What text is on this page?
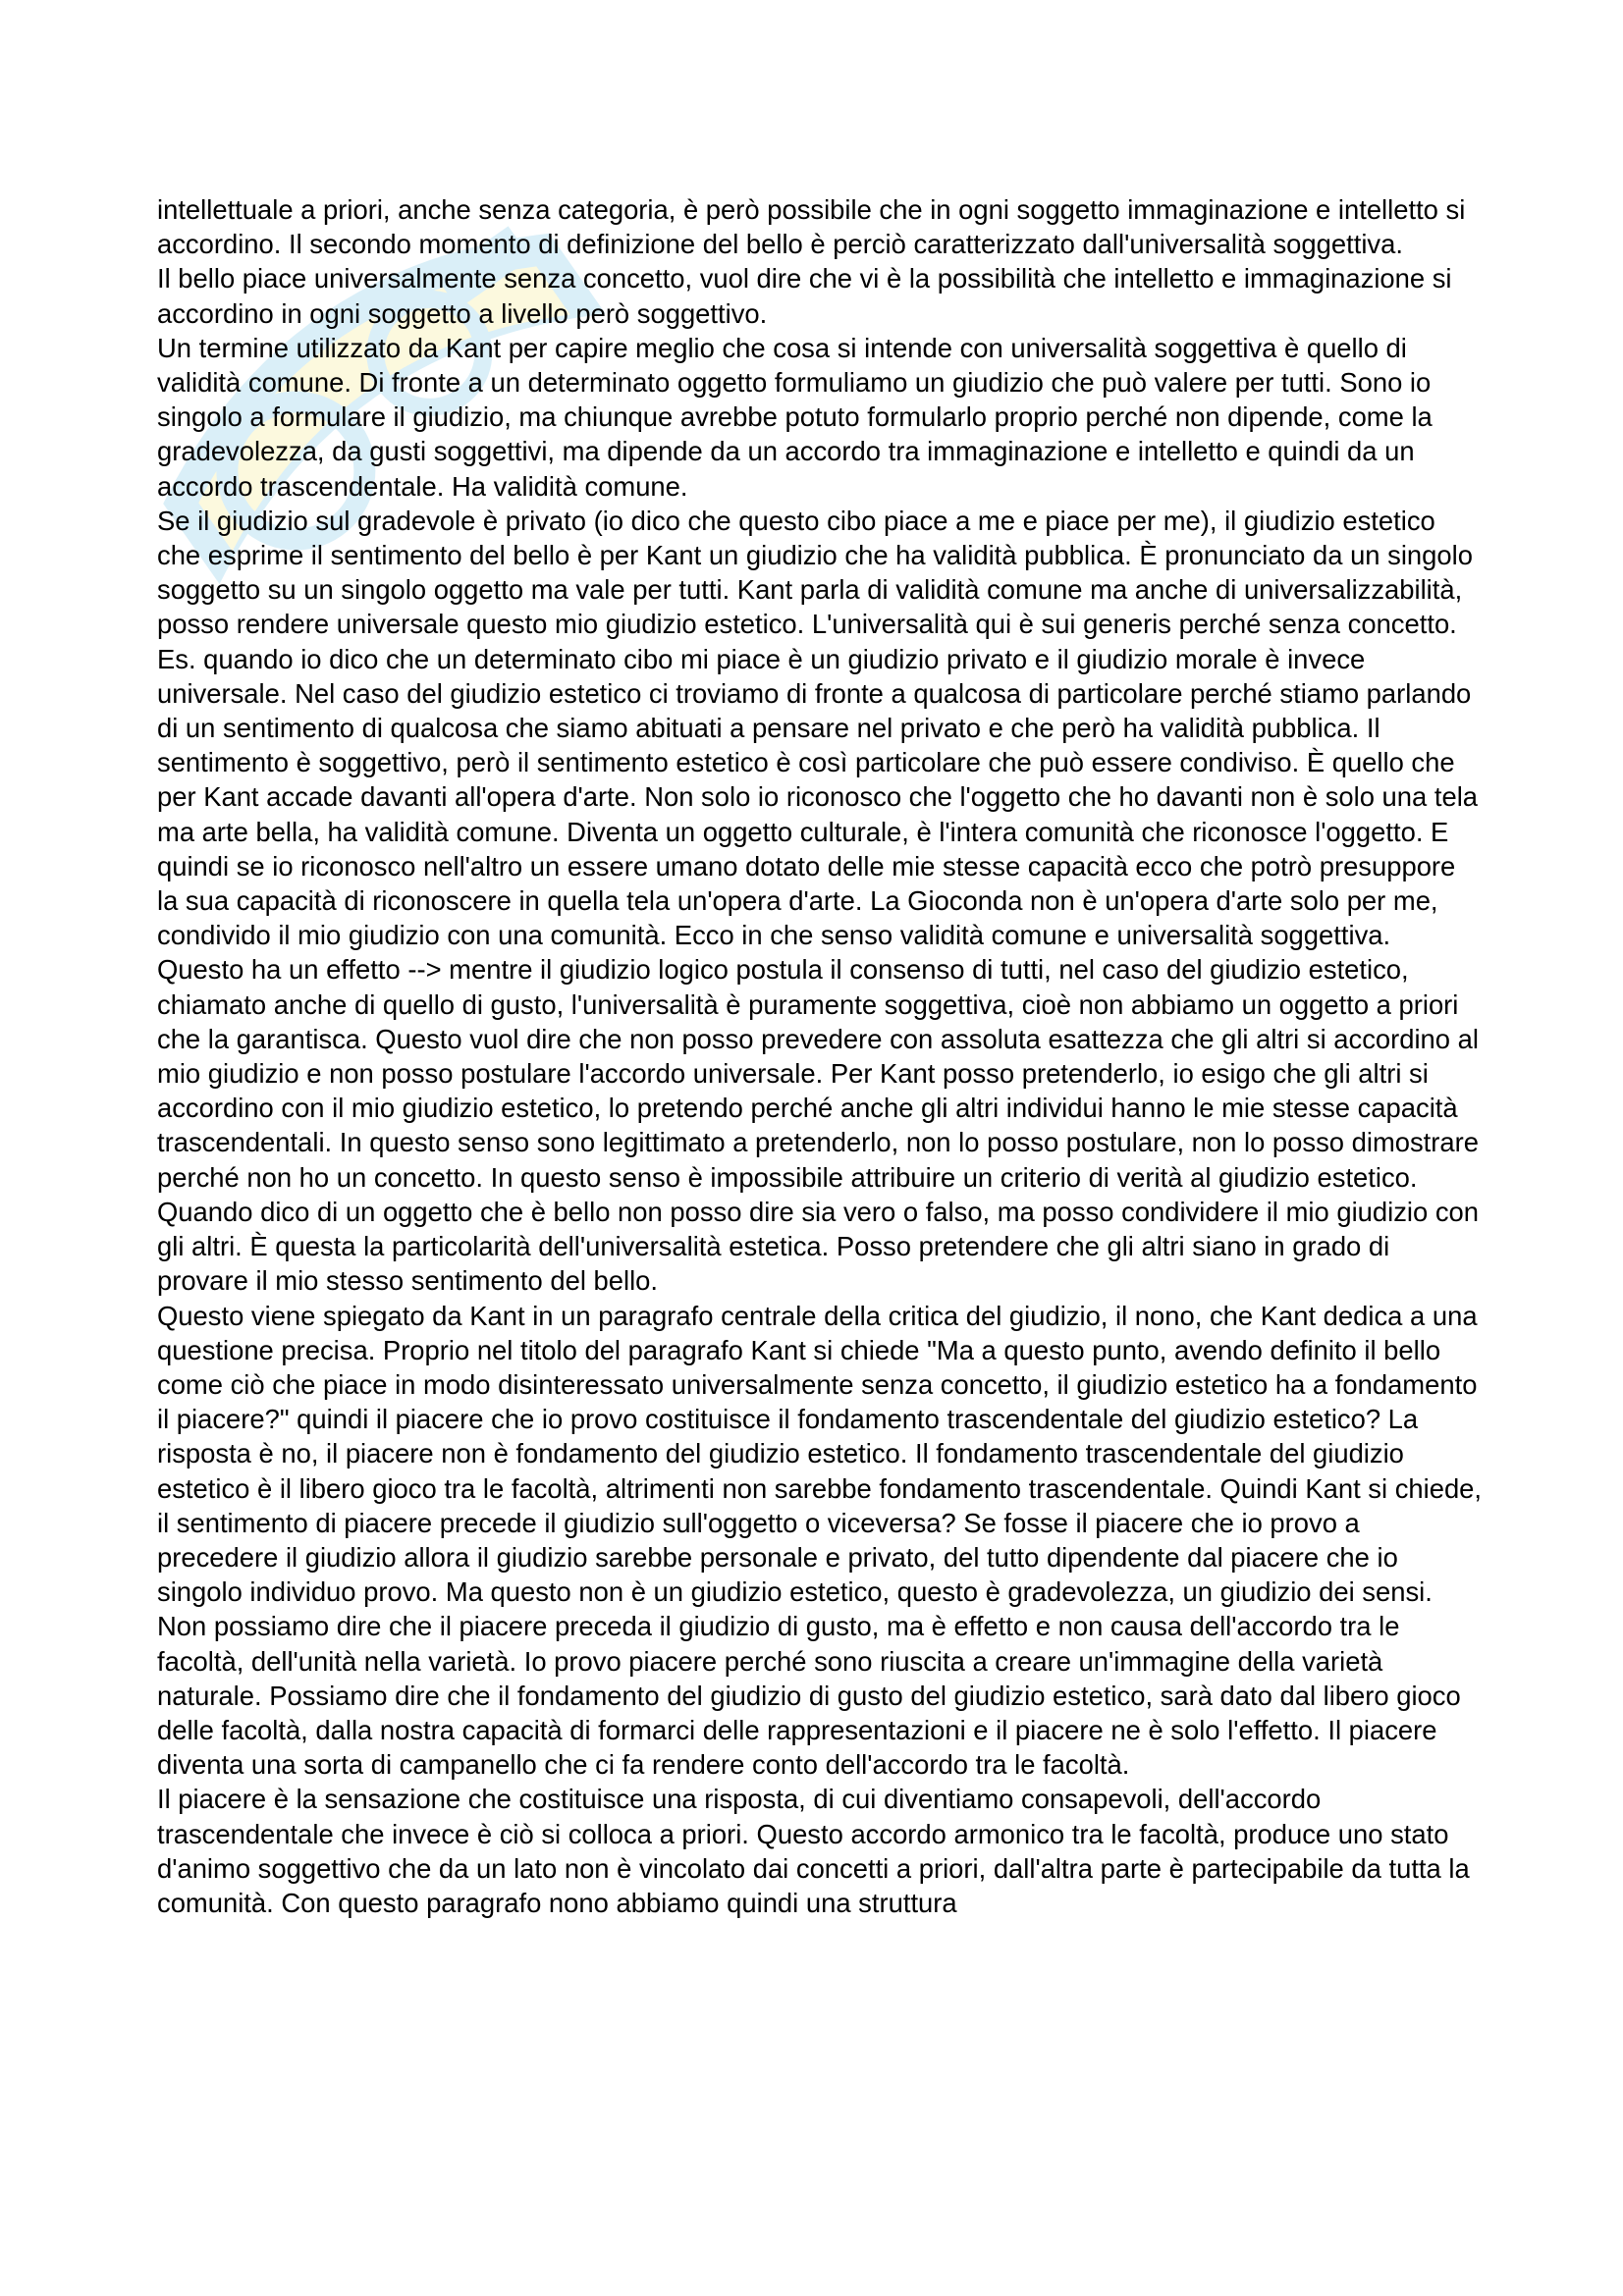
intellettuale a priori, anche senza categoria, è però possibile che in ogni soggetto immaginazione e intelletto si accordino. Il secondo momento di definizione del bello è perciò caratterizzato dall'universalità soggettiva.

Il bello piace universalmente senza concetto, vuol dire che vi è la possibilità che intelletto e immaginazione si accordino in ogni soggetto a livello però soggettivo.

Un termine utilizzato da Kant per capire meglio che cosa si intende con universalità soggettiva è quello di validità comune. Di fronte a un determinato oggetto formuliamo un giudizio che può valere per tutti. Sono io singolo a formulare il giudizio, ma chiunque avrebbe potuto formularlo proprio perché non dipende, come la gradevolezza, da gusti soggettivi, ma dipende da un accordo tra immaginazione e intelletto e quindi da un accordo trascendentale. Ha validità comune.

Se il giudizio sul gradevole è privato (io dico che questo cibo piace a me e piace per me), il giudizio estetico che esprime il sentimento del bello è per Kant un giudizio che ha validità pubblica. È pronunciato da un singolo soggetto su un singolo oggetto ma vale per tutti. Kant parla di validità comune ma anche di universalizzabilità, posso rendere universale questo mio giudizio estetico. L'universalità qui è sui generis perché senza concetto. Es. quando io dico che un determinato cibo mi piace è un giudizio privato e il giudizio morale è invece universale. Nel caso del giudizio estetico ci troviamo di fronte a qualcosa di particolare perché stiamo parlando di un sentimento di qualcosa che siamo abituati a pensare nel privato e che però ha validità pubblica. Il sentimento è soggettivo, però il sentimento estetico è così particolare che può essere condiviso. È quello che per Kant accade davanti all'opera d'arte. Non solo io riconosco che l'oggetto che ho davanti non è solo una tela ma arte bella, ha validità comune. Diventa un oggetto culturale, è l'intera comunità che riconosce l'oggetto. E quindi se io riconosco nell'altro un essere umano dotato delle mie stesse capacità ecco che potrò presuppore la sua capacità di riconoscere in quella tela un'opera d'arte. La Gioconda non è un'opera d'arte solo per me, condivido il mio giudizio con una comunità. Ecco in che senso validità comune e universalità soggettiva.

Questo ha un effetto --> mentre il giudizio logico postula il consenso di tutti, nel caso del giudizio estetico, chiamato anche di quello di gusto, l'universalità è puramente soggettiva, cioè non abbiamo un oggetto a priori che la garantisca. Questo vuol dire che non posso prevedere con assoluta esattezza che gli altri si accordino al mio giudizio e non posso postulare l'accordo universale. Per Kant posso pretenderlo, io esigo che gli altri si accordino con il mio giudizio estetico, lo pretendo perché anche gli altri individui hanno le mie stesse capacità trascendentali. In questo senso sono legittimato a pretenderlo, non lo posso postulare, non lo posso dimostrare perché non ho un concetto. In questo senso è impossibile attribuire un criterio di verità al giudizio estetico. Quando dico di un oggetto che è bello non posso dire sia vero o falso, ma posso condividere il mio giudizio con gli altri. È questa la particolarità dell'universalità estetica. Posso pretendere che gli altri siano in grado di provare il mio stesso sentimento del bello.

Questo viene spiegato da Kant in un paragrafo centrale della critica del giudizio, il nono, che Kant dedica a una questione precisa. Proprio nel titolo del paragrafo Kant si chiede "Ma a questo punto, avendo definito il bello come ciò che piace in modo disinteressato universalmente senza concetto, il giudizio estetico ha a fondamento il piacere?" quindi il piacere che io provo costituisce il fondamento trascendentale del giudizio estetico? La risposta è no, il piacere non è fondamento del giudizio estetico. Il fondamento trascendentale del giudizio estetico è il libero gioco tra le facoltà, altrimenti non sarebbe fondamento trascendentale. Quindi Kant si chiede, il sentimento di piacere precede il giudizio sull'oggetto o viceversa? Se fosse il piacere che io provo a precedere il giudizio allora il giudizio sarebbe personale e privato, del tutto dipendente dal piacere che io singolo individuo provo. Ma questo non è un giudizio estetico, questo è gradevolezza, un giudizio dei sensi. Non possiamo dire che il piacere preceda il giudizio di gusto, ma è effetto e non causa dell'accordo tra le facoltà, dell'unità nella varietà. Io provo piacere perché sono riuscita a creare un'immagine della varietà naturale. Possiamo dire che il fondamento del giudizio di gusto del giudizio estetico, sarà dato dal libero gioco delle facoltà, dalla nostra capacità di formarci delle rappresentazioni e il piacere ne è solo l'effetto. Il piacere diventa una sorta di campanello che ci fa rendere conto dell'accordo tra le facoltà.

Il piacere è la sensazione che costituisce una risposta, di cui diventiamo consapevoli, dell'accordo trascendentale che invece è ciò si colloca a priori. Questo accordo armonico tra le facoltà, produce uno stato d'animo soggettivo che da un lato non è vincolato dai concetti a priori, dall'altra parte è partecipabile da tutta la comunità. Con questo paragrafo nono abbiamo quindi una struttura
